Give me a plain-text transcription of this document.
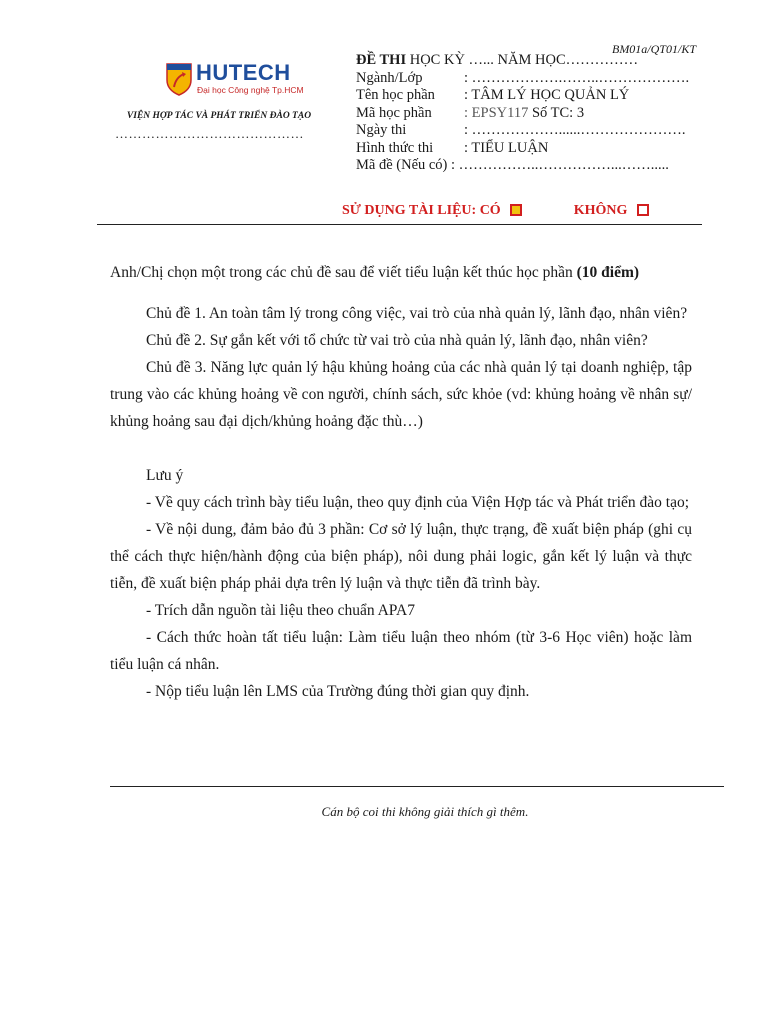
BM01a/QT01/KT
HUTECH
Đại học Công nghệ Tp.HCM
VIỆN HỢP TÁC VÀ PHÁT TRIỂN ĐÀO TẠO
……………………………………
ĐỀ THI HỌC KỲ …... NĂM HỌC……………
Ngành/Lớp	: ……………….……..……………….
Tên học phần : TÂM LÝ HỌC QUẢN LÝ
Mã học phần : EPSY117 Số TC: 3
Ngày thi	: ………………......………………….
Hình thức thi : TIỂU LUẬN
Mã đề (Nếu có) : ……………..……………...…….....
SỬ DỤNG TÀI LIỆU: CÓ	KHÔNG

Anh/Chị chọn một trong các chủ đề sau để viết tiểu luận kết thúc học phần (10 điểm)

Chủ đề 1. An toàn tâm lý trong công việc, vai trò của nhà quản lý, lãnh đạo, nhân viên?

Chủ đề 2. Sự gắn kết với tổ chức từ vai trò của nhà quản lý, lãnh đạo, nhân viên?

Chủ đề 3. Năng lực quản lý hậu khủng hoảng của các nhà quản lý tại doanh nghiệp, tập trung vào các khủng hoảng về con người, chính sách, sức khỏe (vd: khủng hoảng về nhân sự/ khủng hoảng sau đại dịch/khủng hoảng đặc thù…)

Lưu ý

- Về quy cách trình bày tiểu luận, theo quy định của Viện Hợp tác và Phát triển đào tạo;

- Về nội dung, đảm bảo đủ 3 phần: Cơ sở lý luận, thực trạng, đề xuất biện pháp (ghi cụ thể cách thực hiện/hành động của biện pháp), nôi dung phải logic, gắn kết lý luận và thực tiễn, đề xuất biện pháp phải dựa trên lý luận và thực tiễn đã trình bày.

- Trích dẫn nguồn tài liệu theo chuẩn APA7

- Cách thức hoàn tất tiểu luận: Làm tiểu luận theo nhóm (từ 3-6 Học viên) hoặc làm tiểu luận cá nhân.

- Nộp tiểu luận lên LMS của Trường đúng thời gian quy định.

Cán bộ coi thi không giải thích gì thêm.
